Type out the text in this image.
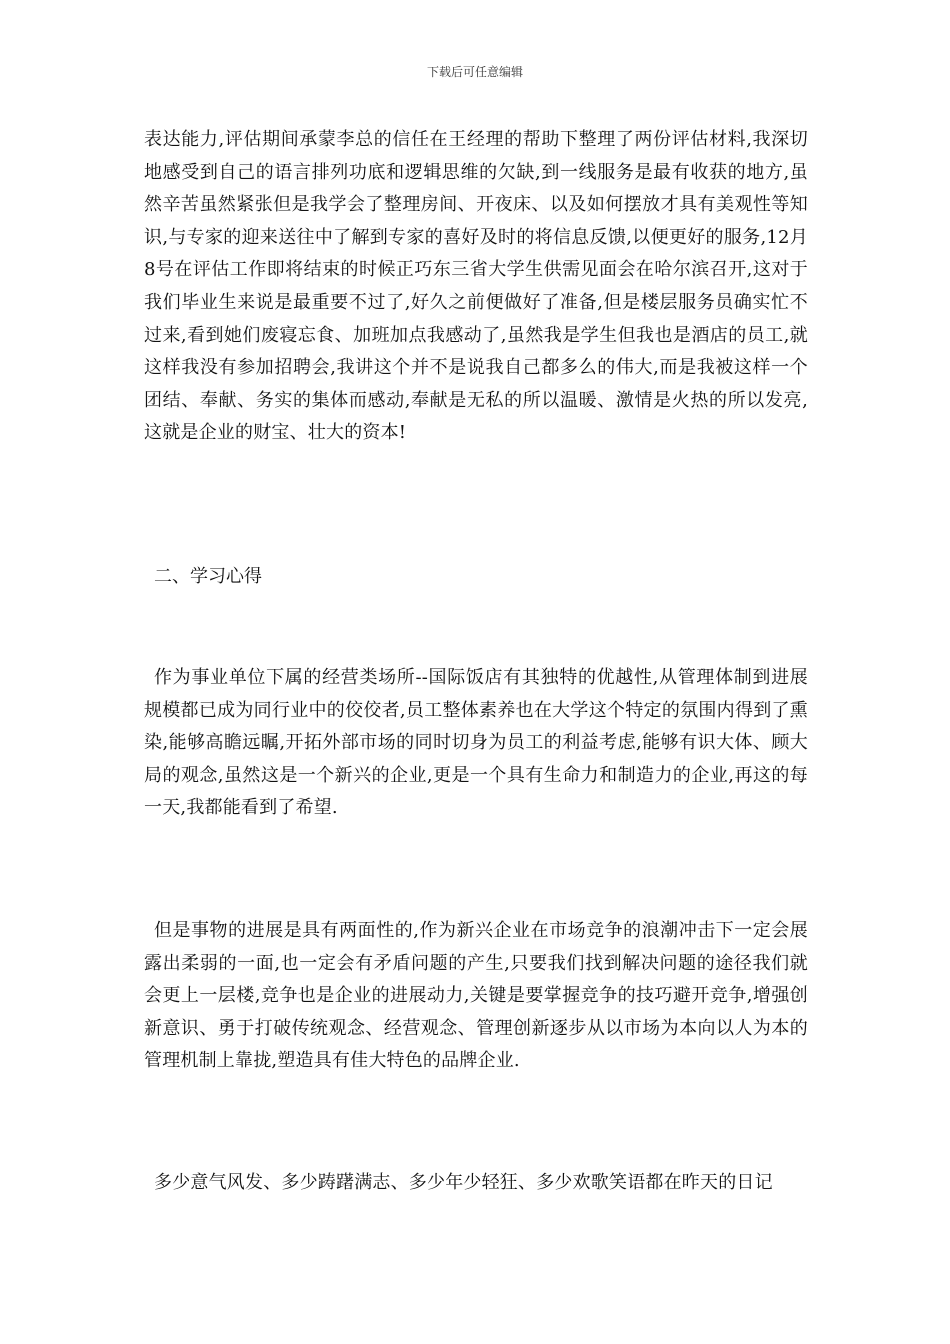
下载后可任意编辑
表达能力,评估期间承蒙李总的信任在王经理的帮助下整理了两份评估材料,我深切地感受到自己的语言排列功底和逻辑思维的欠缺,到一线服务是最有收获的地方,虽然辛苦虽然紧张但是我学会了整理房间、开夜床、以及如何摆放才具有美观性等知识,与专家的迎来送往中了解到专家的喜好及时的将信息反馈,以便更好的服务,12月8号在评估工作即将结束的时候正巧东三省大学生供需见面会在哈尔滨召开,这对于我们毕业生来说是最重要不过了,好久之前便做好了准备,但是楼层服务员确实忙不过来,看到她们废寝忘食、加班加点我感动了,虽然我是学生但我也是酒店的员工,就这样我没有参加招聘会,我讲这个并不是说我自己都多么的伟大,而是我被这样一个团结、奉献、务实的集体而感动,奉献是无私的所以温暖、激情是火热的所以发亮,这就是企业的财宝、壮大的资本!
二、学习心得
作为事业单位下属的经营类场所--国际饭店有其独特的优越性,从管理体制到进展规模都已成为同行业中的佼佼者,员工整体素养也在大学这个特定的氛围内得到了熏染,能够高瞻远瞩,开拓外部市场的同时切身为员工的利益考虑,能够有识大体、顾大局的观念,虽然这是一个新兴的企业,更是一个具有生命力和制造力的企业,再这的每一天,我都能看到了希望.
但是事物的进展是具有两面性的,作为新兴企业在市场竞争的浪潮冲击下一定会展露出柔弱的一面,也一定会有矛盾问题的产生,只要我们找到解决问题的途径我们就会更上一层楼,竞争也是企业的进展动力,关键是要掌握竞争的技巧避开竞争,增强创新意识、勇于打破传统观念、经营观念、管理创新逐步从以市场为本向以人为本的管理机制上靠拢,塑造具有佳大特色的品牌企业.
多少意气风发、多少踌躇满志、多少年少轻狂、多少欢歌笑语都在昨天的日记
